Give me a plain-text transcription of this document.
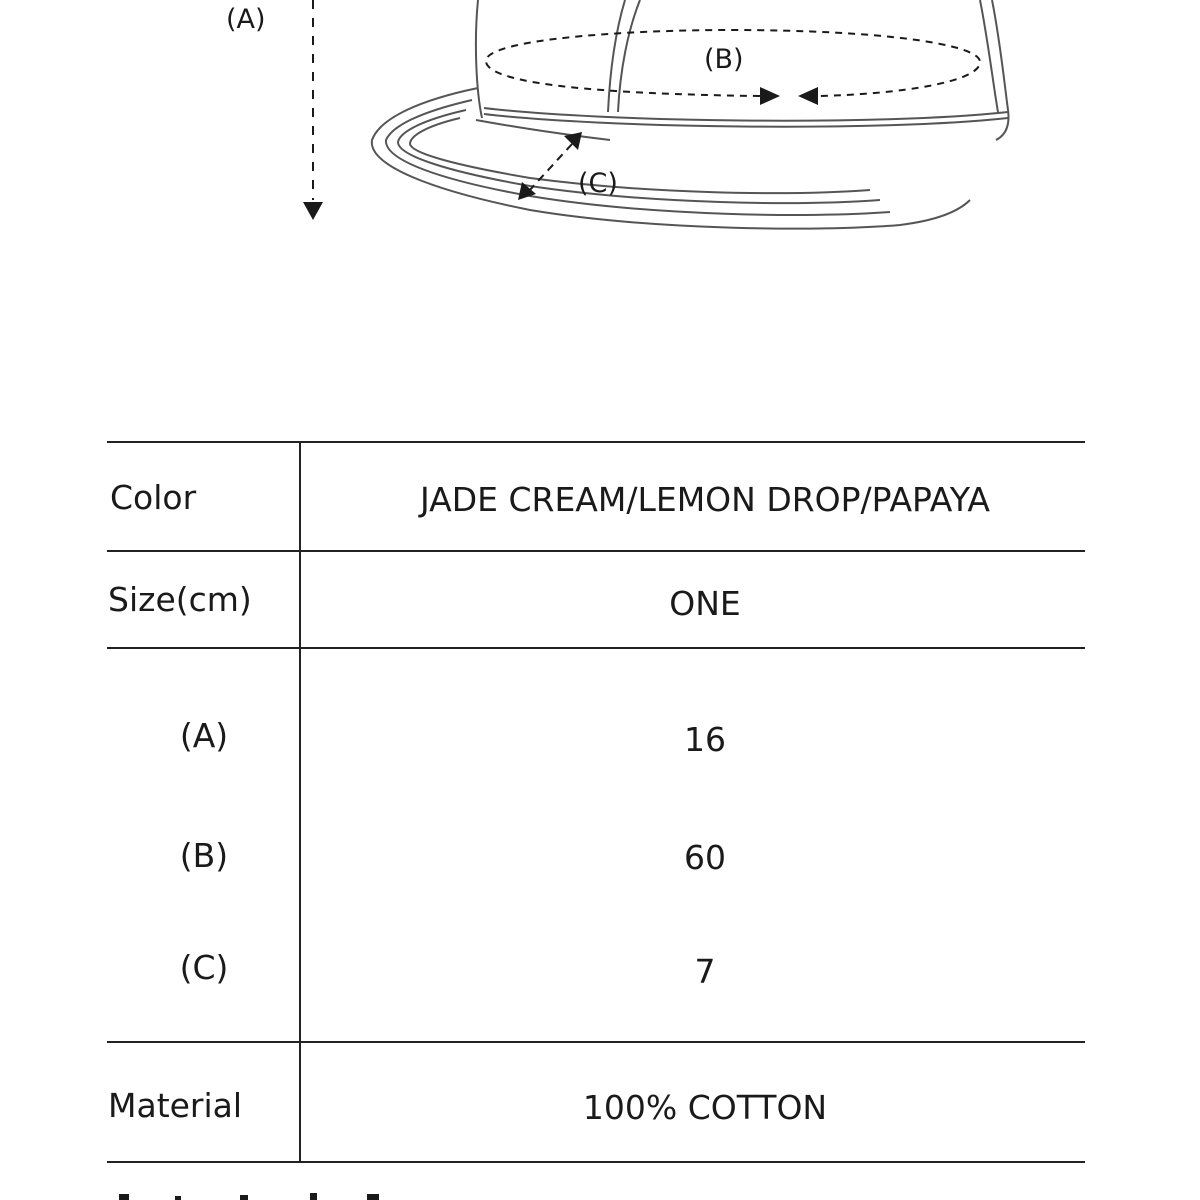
(A)
(B)
(C)
Color	JADE CREAM/LEMON DROP/PAPAYA
Size(cm)	ONE
(A)	16
(B)	60
(C)	7
Material	100% COTTON
